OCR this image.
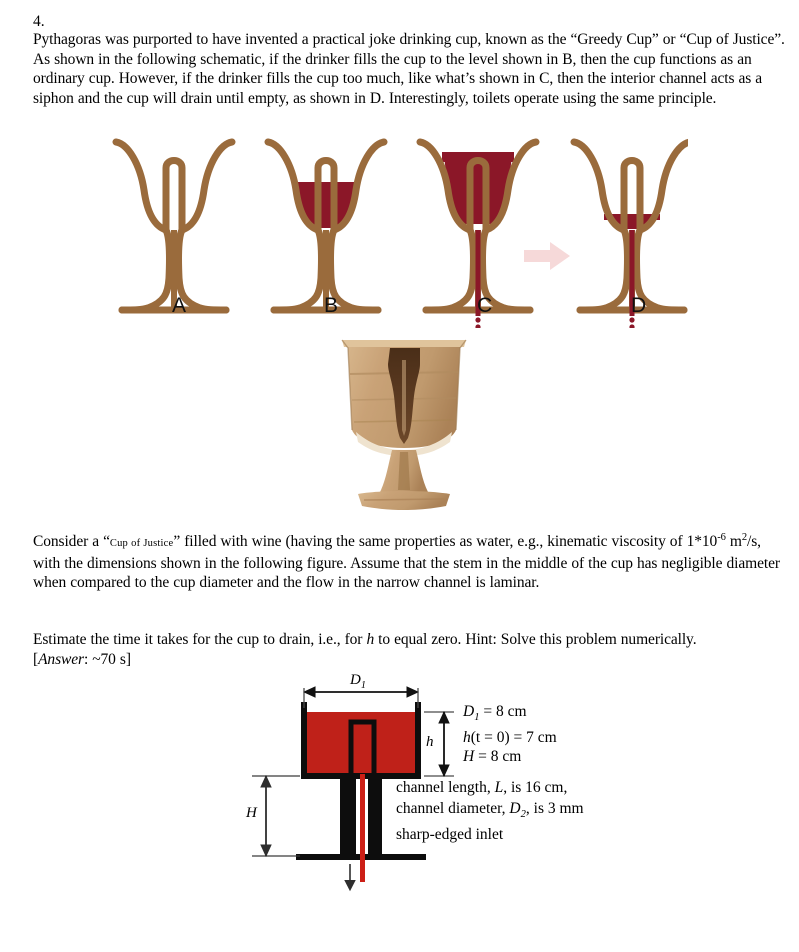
4.
Pythagoras was purported to have invented a practical joke drinking cup, known as the “Greedy Cup” or “Cup of Justice”. As shown in the following schematic, if the drinker fills the cup to the level shown in B, then the cup functions as an ordinary cup. However, if the drinker fills the cup too much, like what’s shown in C, then the interior channel acts as a siphon and the cup will drain until empty, as shown in D. Interestingly, toilets operate using the same principle.
A	B	C	D
Consider a “Cup of Justice” filled with wine (having the same properties as water, e.g., kinematic viscosity of $1*10^{-6}$ $m^2/s$, with the dimensions shown in the following figure. Assume that the stem in the middle of the cup has negligible diameter when compared to the cup diameter and the flow in the narrow channel is laminar.
Estimate the time it takes for the cup to drain, i.e., for h to equal zero. Hint: Solve this problem numerically. [Answer: ~70 s]
$D_1$
h
H
$D_1 = 8$ cm
h(t = 0) = 7 cm
H = 8 cm
channel length, L, is 16 cm,
channel diameter, $D_2$, is 3 mm
sharp-edged inlet
